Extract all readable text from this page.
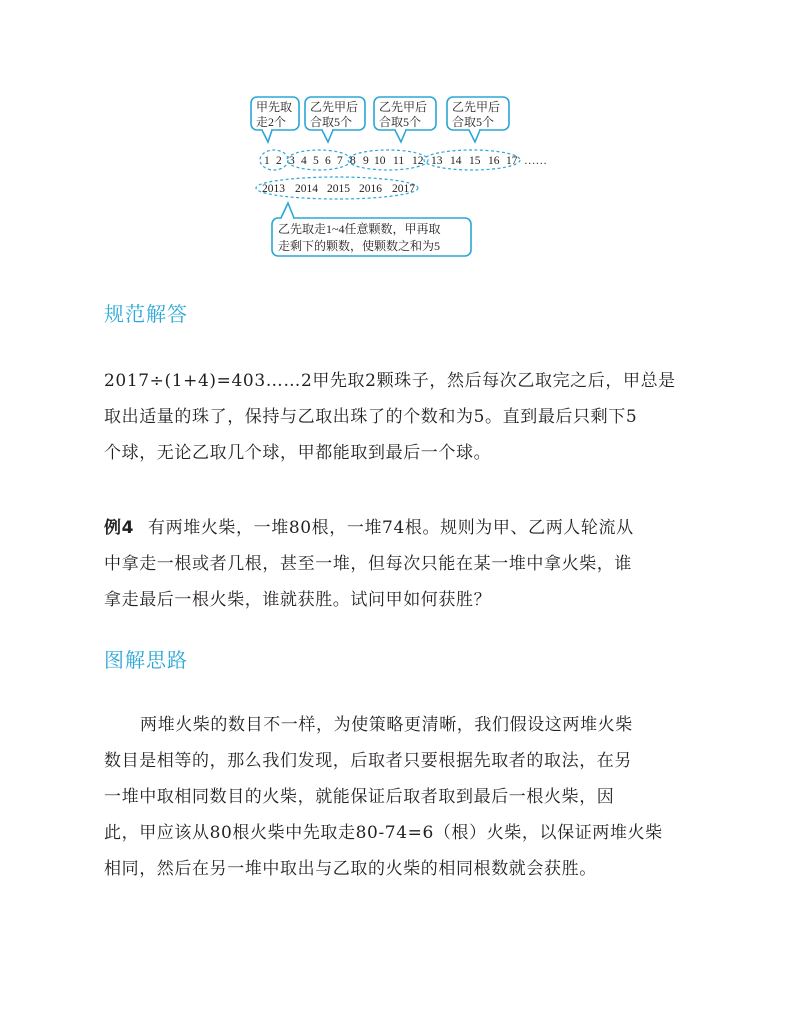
甲先取
走2个
乙先甲后
合取5个
乙先甲后
合取5个
乙先甲后
合取5个
1 2 3 4 5 6 7 8 9 10 11 12 13 14 15 16 17 ……
2013 2014 2015 2016 2017
乙先取走1~4任意颗数，甲再取
走剩下的颗数，使颗数之和为5
规范解答

2017÷(1+4)=403……2甲先取2颗珠子，然后每次乙取完之后，甲总是

取出适量的珠了，保持与乙取出珠了的个数和为5。直到最后只剩下5

个球，无论乙取几个球，甲都能取到最后一个球。

例4 有两堆火柴，一堆80根，一堆74根。规则为甲、乙两人轮流从

中拿走一根或者几根，甚至一堆，但每次只能在某一堆中拿火柴，谁

拿走最后一根火柴，谁就获胜。试问甲如何获胜？

图解思路

两堆火柴的数目不一样，为使策略更清晰，我们假设这两堆火柴

数目是相等的，那么我们发现，后取者只要根据先取者的取法，在另

一堆中取相同数目的火柴，就能保证后取者取到最后一根火柴，因

此，甲应该从80根火柴中先取走80-74=6（根）火柴，以保证两堆火柴

相同，然后在另一堆中取出与乙取的火柴的相同根数就会获胜。
